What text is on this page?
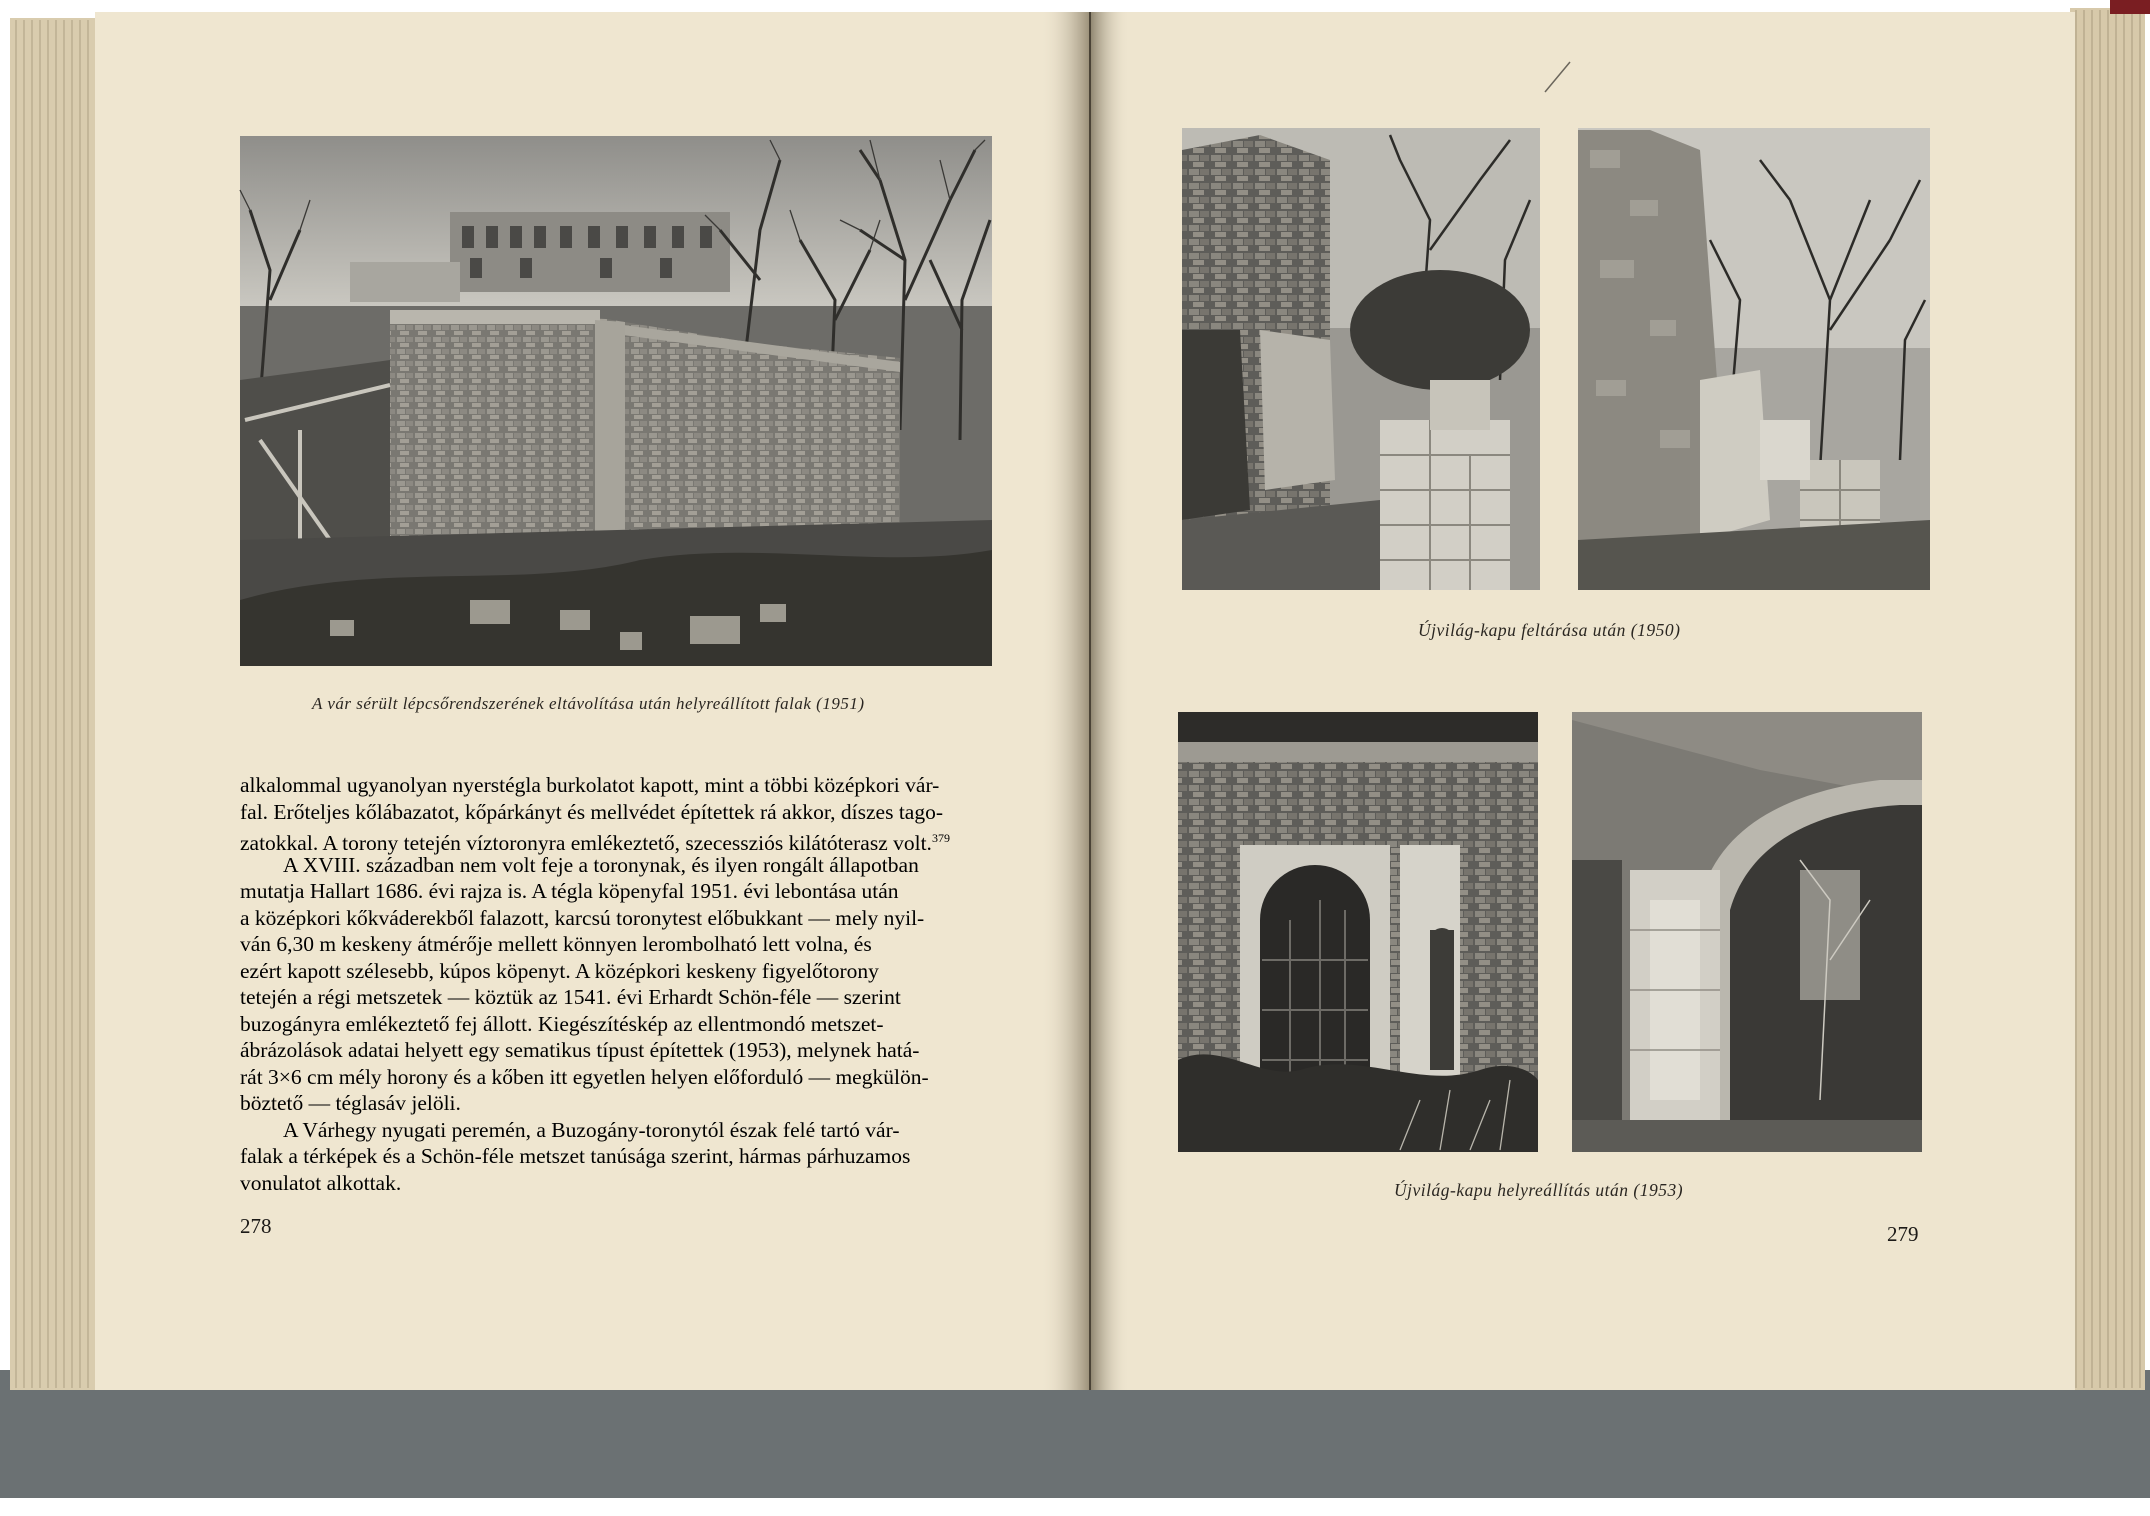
A vár sérült lépcsőrendszerének eltávolítása után helyreállított falak (1951)
alkalommal ugyanolyan nyerstégla burkolatot kapott, mint a többi középkori vár-
fal. Erőteljes kőlábazatot, kőpárkányt és mellvédet építettek rá akkor, díszes tago-
zatokkal. A torony tetején víztoronyra emlékeztető, szecessziós kilátóterasz volt.$^{379}$
A XVIII. században nem volt feje a toronynak, és ilyen rongált állapotban
mutatja Hallart 1686. évi rajza is. A tégla köpenyfal 1951. évi lebontása után
a középkori kőkváderekből falazott, karcsú toronytest előbukkant — mely nyil-
ván 6,30 m keskeny átmérője mellett könnyen lerombolható lett volna, és
ezért kapott szélesebb, kúpos köpenyt. A középkori keskeny figyelőtorony
tetején a régi metszetek — köztük az 1541. évi Erhardt Schön-féle — szerint
buzogányra emlékeztető fej állott. Kiegészítéskép az ellentmondó metszet-
ábrázolások adatai helyett egy sematikus típust építettek (1953), melynek hatá-
rát 3×6 cm mély horony és a kőben itt egyetlen helyen előforduló — megkülön-
böztető — téglasáv jelöli.
A Várhegy nyugati peremén, a Buzogány-toronytól észak felé tartó vár-
falak a térképek és a Schön-féle metszet tanúsága szerint, hármas párhuzamos
vonulatot alkottak.
278
Újvilág-kapu feltárása után (1950)
Újvilág-kapu helyreállítás után (1953)
279
